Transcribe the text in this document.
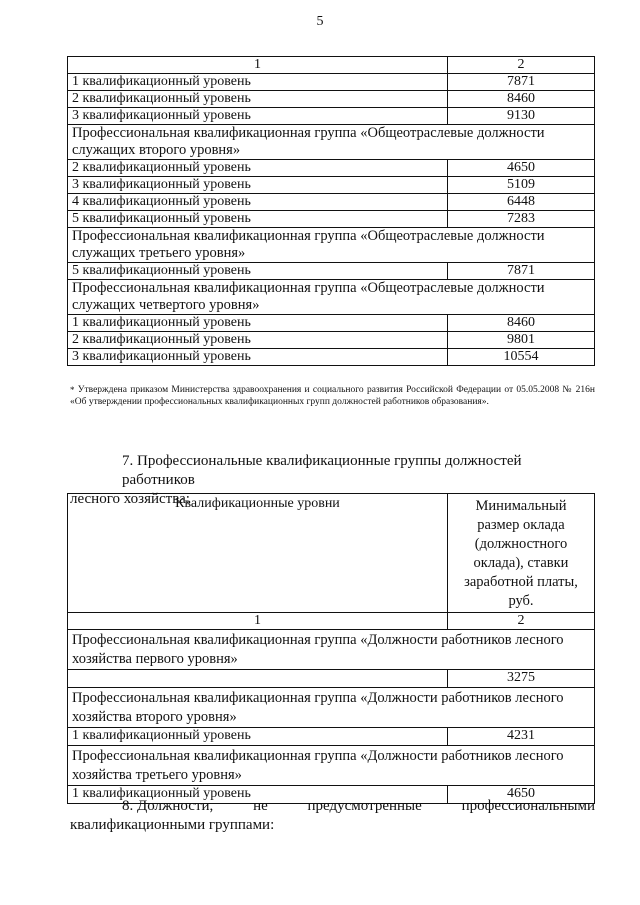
5
1	2
1 квалификационный уровень	7871
2 квалификационный уровень	8460
3 квалификационный уровень	9130
Профессиональная квалификационная группа «Общеотраслевые должности служащих второго уровня»	
2 квалификационный уровень	4650
3 квалификационный уровень	5109
4 квалификационный уровень	6448
5 квалификационный уровень	7283
Профессиональная квалификационная группа «Общеотраслевые должности служащих третьего уровня»	
5 квалификационный уровень	7871
Профессиональная квалификационная группа «Общеотраслевые должности служащих четвертого уровня»	
1 квалификационный уровень	8460
2 квалификационный уровень	9801
3 квалификационный уровень	10554
* Утверждена приказом Министерства здравоохранения и социального развития Российской Федерации от 05.05.2008 № 216н «Об утверждении профессиональных квалификационных групп должностей работников образования».
7. Профессиональные квалификационные группы должностей работников
лесного хозяйства:
Квалификационные уровни	Минимальный размер оклада (должностного оклада), ставки заработной платы, руб.
1	2
Профессиональная квалификационная группа «Должности работников лесного хозяйства первого уровня»	
	3275
Профессиональная квалификационная группа «Должности работников лесного хозяйства второго уровня»	
1 квалификационный уровень	4231
Профессиональная квалификационная группа «Должности работников лесного хозяйства третьего уровня»	
1 квалификационный уровень	4650
8. Должности,	не	предусмотренные	профессиональными
квалификационными группами:
